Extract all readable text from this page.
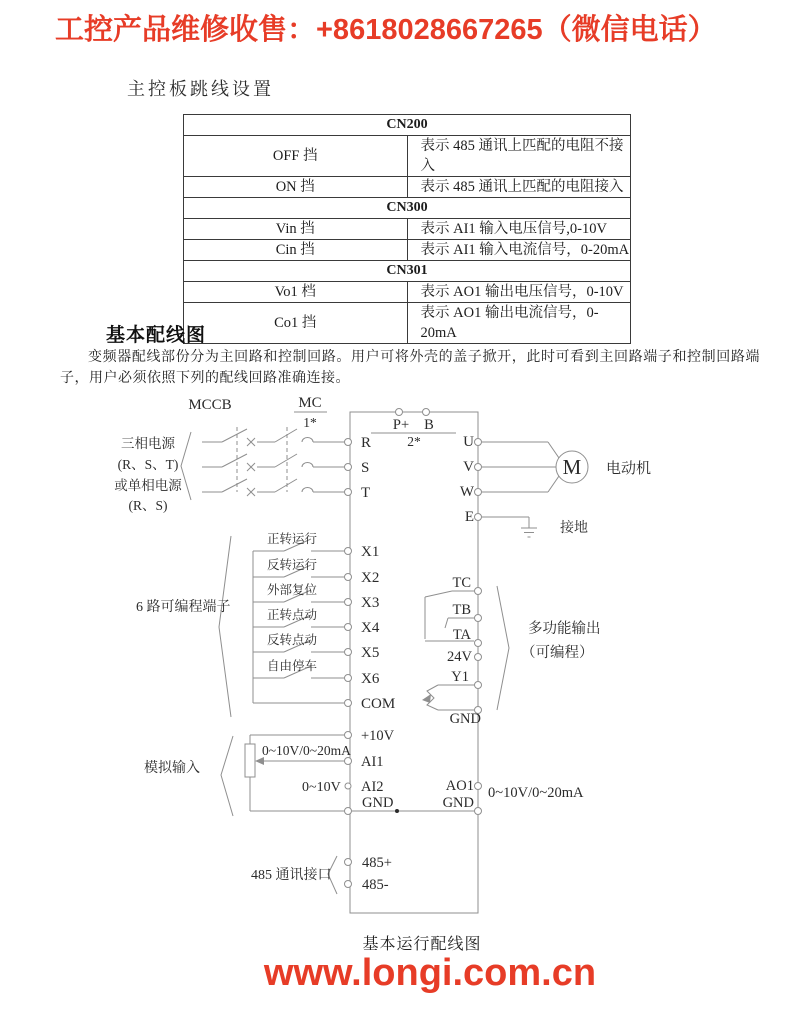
工控产品维修收售：+8618028667265（微信电话）
主控板跳线设置
CN200	
OFF 挡	表示 485 通讯上匹配的电阻不接入
ON 挡	表示 485 通讯上匹配的电阻接入
CN300	
Vin 挡	表示 AI1 输入电压信号,0-10V
Cin 挡	表示 AI1 输入电流信号，0-20mA
CN301	
Vo1 档	表示 AO1 输出电压信号，0-10V
Co1 挡	表示 AO1 输出电流信号，0-20mA
基本配线图
变频器配线部份分为主回路和控制回路。用户可将外壳的盖子掀开，此时可看到主回路端子和控制回路端子，用户必须依照下列的配线回路准确连接。
P+ B
2*
MCCB	MC
1*
三相电源
(R、S、T)
或单相电源
(R、S)
R
S
T
U
V
W
E
M 电动机
接地
正转运行
反转运行
外部复位
正转点动
反转点动
自由停车
X1
X2
X3
X4
X5
X6
COM
6 路可编程端子
TC
TB
TA
24V
Y1
GND
多功能输出
（可编程）
模拟输入
0~10V/0~20mA
0~10V
+10V
AI1
AI2
GND
AO1
GND
0~10V/0~20mA
485 通讯接口
485+
485-
基本运行配线图
www.longi.com.cn
